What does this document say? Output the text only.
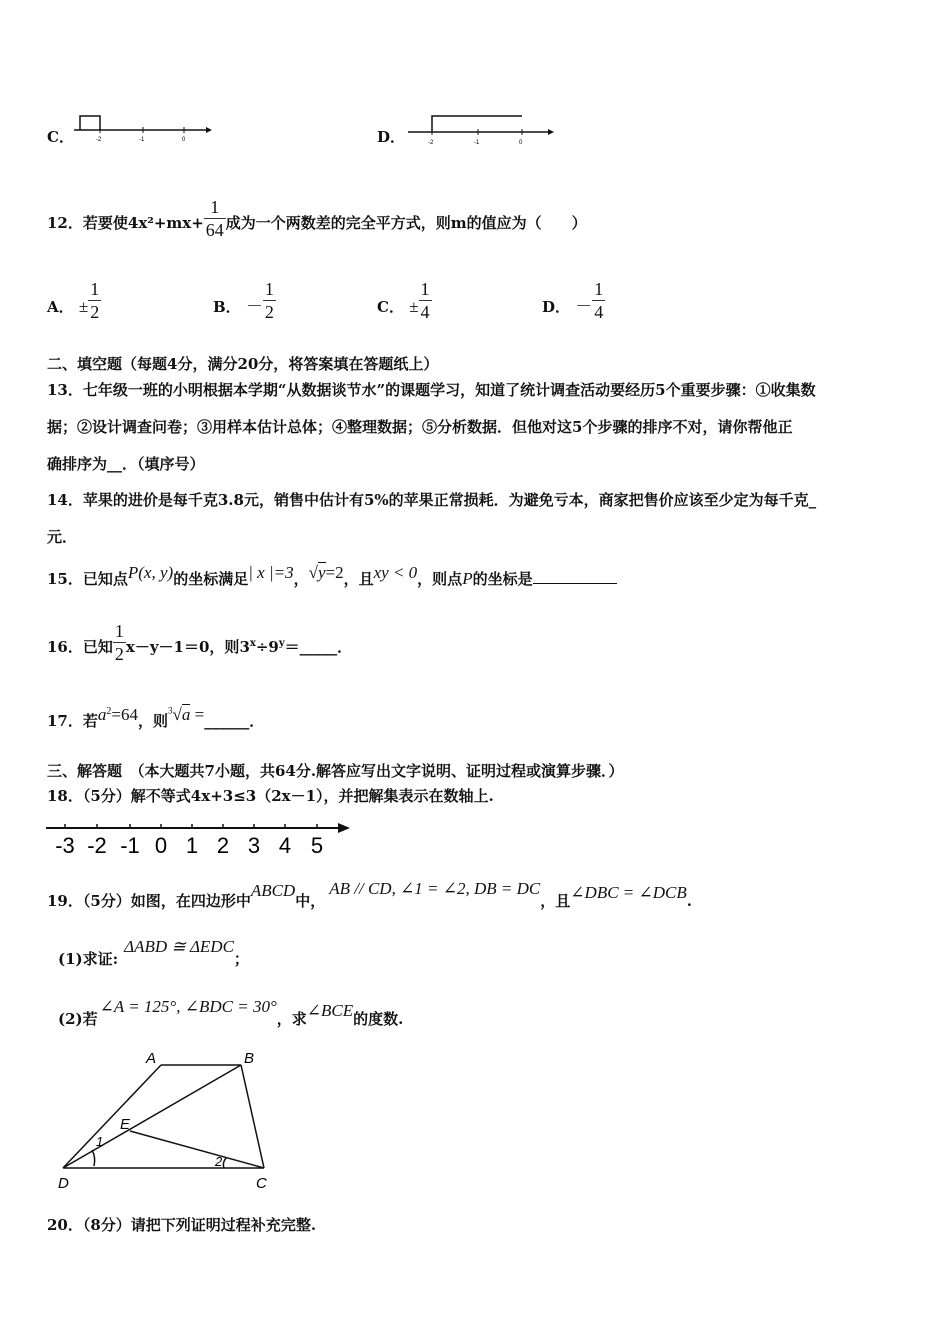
C．	-2	-1	0	D．	-2	-1	0
12．若要使$4x^2+mx+ \frac{1}{64}$ 成为一个两数差的完全平方式，则m的值应为（　　）
A． ± $\frac{1}{2}$	B． － $\frac{1}{2}$	C． ± $\frac{1}{4}$	D． － $\frac{1}{4}$
二、填空题（每题4分，满分20分，将答案填在答题纸上）
13．七年级一班的小明根据本学期“从数据谈节水”的课题学习，知道了统计调查活动要经历5个重要步骤：①收集数
据；②设计调查问卷；③用样本估计总体；④整理数据；⑤分析数据．但他对这5个步骤的排序不对，请你帮他正
确排序为__．（填序号）
14．苹果的进价是每千克3.8元，销售中估计有5%的苹果正常损耗．为避免亏本，商家把售价应该至少定为每千克_
元．
15．已知点P(x, y)的坐标满足| x |=3，√y=2，且xy < 0，则点P的坐标是
16．已知 $\frac{1}{2} x-y-1=0$，则$3^x\div 9^y=\_\_\_\_\_$．
17．若$a^2=64$，则$^3$√a =______．
三、解答题　（本大题共7小题，共64分.解答应写出文字说明、证明过程或演算步骤．）
18．（5分）解不等式4x+3≤3（2x－1），并把解集表示在数轴上.
-3 -2 -1 0 1 2 3 4 5
19．（5分）如图，在四边形中ABCD中，AB // CD, ∠1 = ∠2, DB = DC，且∠DBC = ∠DCB.
(1)求证:ΔABD ≅ ΔEDC；
(2)若∠A = 125°, ∠BDC = 30°，求∠BCE的度数.
A	B
E
D	C
1
2
20．（8分）请把下列证明过程补充完整.
